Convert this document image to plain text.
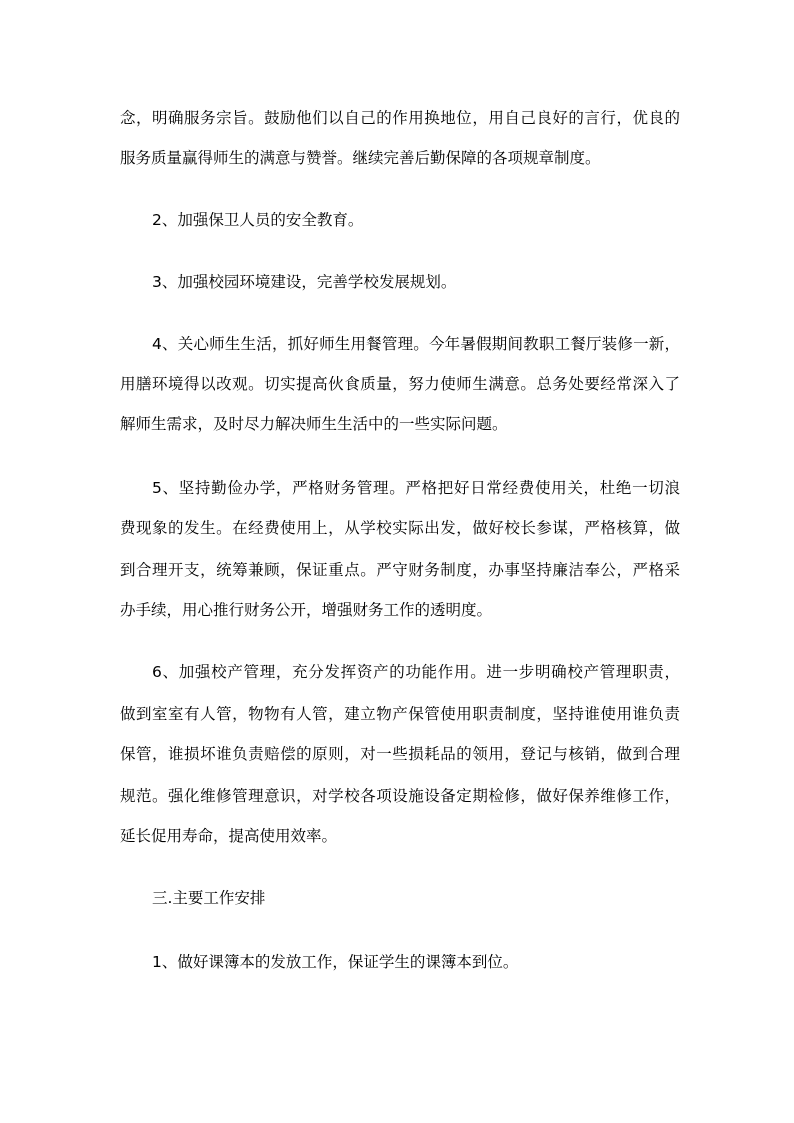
念，明确服务宗旨。鼓励他们以自己的作用换地位，用自己良好的言行，优良的

服务质量赢得师生的满意与赞誉。继续完善后勤保障的各项规章制度。

2、加强保卫人员的安全教育。

3、加强校园环境建设，完善学校发展规划。

4、关心师生生活，抓好师生用餐管理。今年暑假期间教职工餐厅装修一新，

用膳环境得以改观。切实提高伙食质量，努力使师生满意。总务处要经常深入了

解师生需求，及时尽力解决师生生活中的一些实际问题。

5、坚持勤俭办学，严格财务管理。严格把好日常经费使用关，杜绝一切浪

费现象的发生。在经费使用上，从学校实际出发，做好校长参谋，严格核算，做

到合理开支，统筹兼顾，保证重点。严守财务制度，办事坚持廉洁奉公，严格采

办手续，用心推行财务公开，增强财务工作的透明度。

6、加强校产管理，充分发挥资产的功能作用。进一步明确校产管理职责，

做到室室有人管，物物有人管，建立物产保管使用职责制度，坚持谁使用谁负责

保管，谁损坏谁负责赔偿的原则，对一些损耗品的领用，登记与核销，做到合理

规范。强化维修管理意识，对学校各项设施设备定期检修，做好保养维修工作，

延长促用寿命，提高使用效率。

三.主要工作安排

1、做好课簿本的发放工作，保证学生的课簿本到位。
